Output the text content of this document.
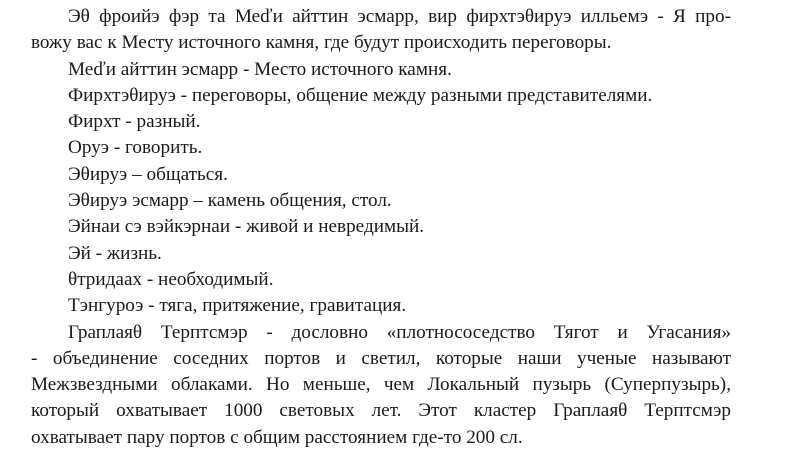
Эθ фроийэ фэр та Меďи айттин эсмарр, вир фирхтэθируэ илльемэ - Я про-
вожу вас к Месту источного камня, где будут происходить переговоры.

Меďи айттин эсмарр - Место источного камня.

Фирхтэθируэ - переговоры, общение между разными представителями.

Фирхт - разный.

Оруэ - говорить.

Эθируэ – общаться.

Эθируэ эсмарр – камень общения, стол.

Эйнаи сэ вэйкэрнаи - живой и невредимый.

Эй - жизнь.

θтридаах - необходимый.

Тэнгуроэ - тяга, притяжение, гравитация.

Граплаяθ Терптсмэр - дословно «плотнососедство Тягот и Угасания»
- объединение соседних портов и светил, которые наши ученые называют
Межзвездными облаками. Но меньше, чем Локальный пузырь (Суперпузырь),
который охватывает 1000 световых лет. Этот кластер Граплаяθ Терптсмэр
охватывает пару портов с общим расстоянием где-то 200 сл.
